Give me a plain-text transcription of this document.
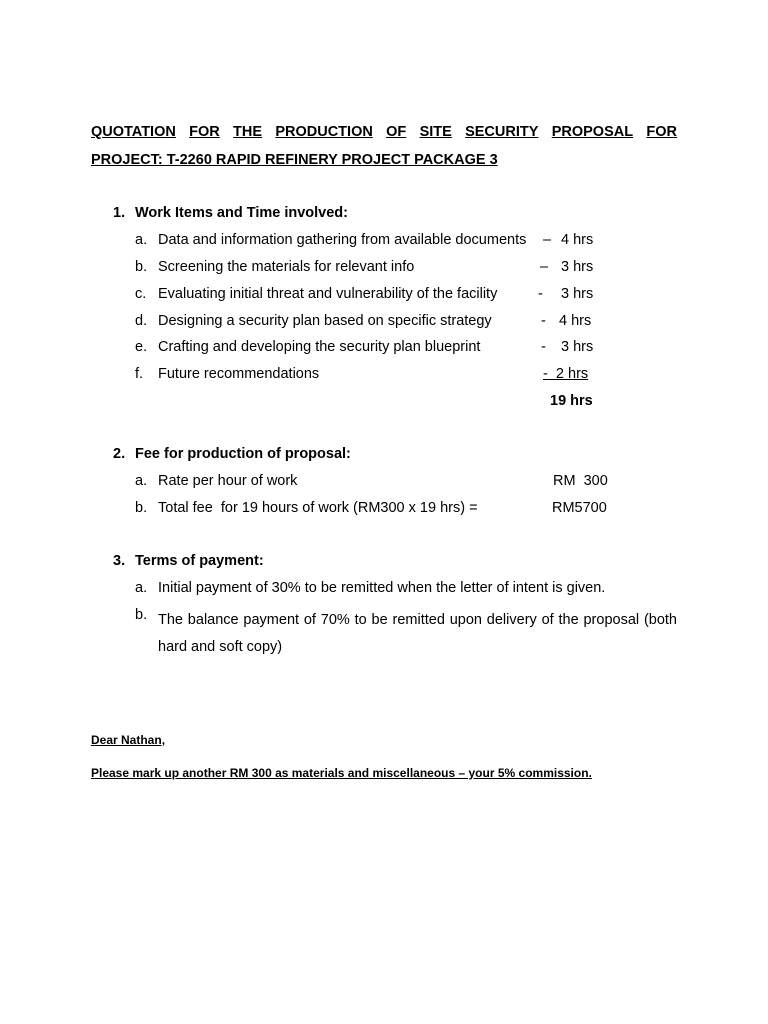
QUOTATION FOR THE PRODUCTION OF SITE SECURITY PROPOSAL FOR
PROJECT: T-2260 RAPID REFINERY PROJECT PACKAGE 3
1. Work Items and Time involved:
a. Data and information gathering from available documents – 4 hrs
b. Screening the materials for relevant info	– 3 hrs
c. Evaluating initial threat and vulnerability of the facility	- 3 hrs
d. Designing a security plan based on specific strategy	- 4 hrs
e. Crafting and developing the security plan blueprint	- 3 hrs
f. Future recommendations	- 2 hrs
19 hrs
2. Fee for production of proposal:
a. Rate per hour of work	RM  300
b. Total fee  for 19 hours of work (RM300 x 19 hrs) =	RM5700
3. Terms of payment:
a. Initial payment of 30% to be remitted when the letter of intent is given.
b. The balance payment of 70% to be remitted upon delivery of the proposal (both hard and soft copy)
Dear Nathan,
Please mark up another RM 300 as materials and miscellaneous – your 5% commission.
